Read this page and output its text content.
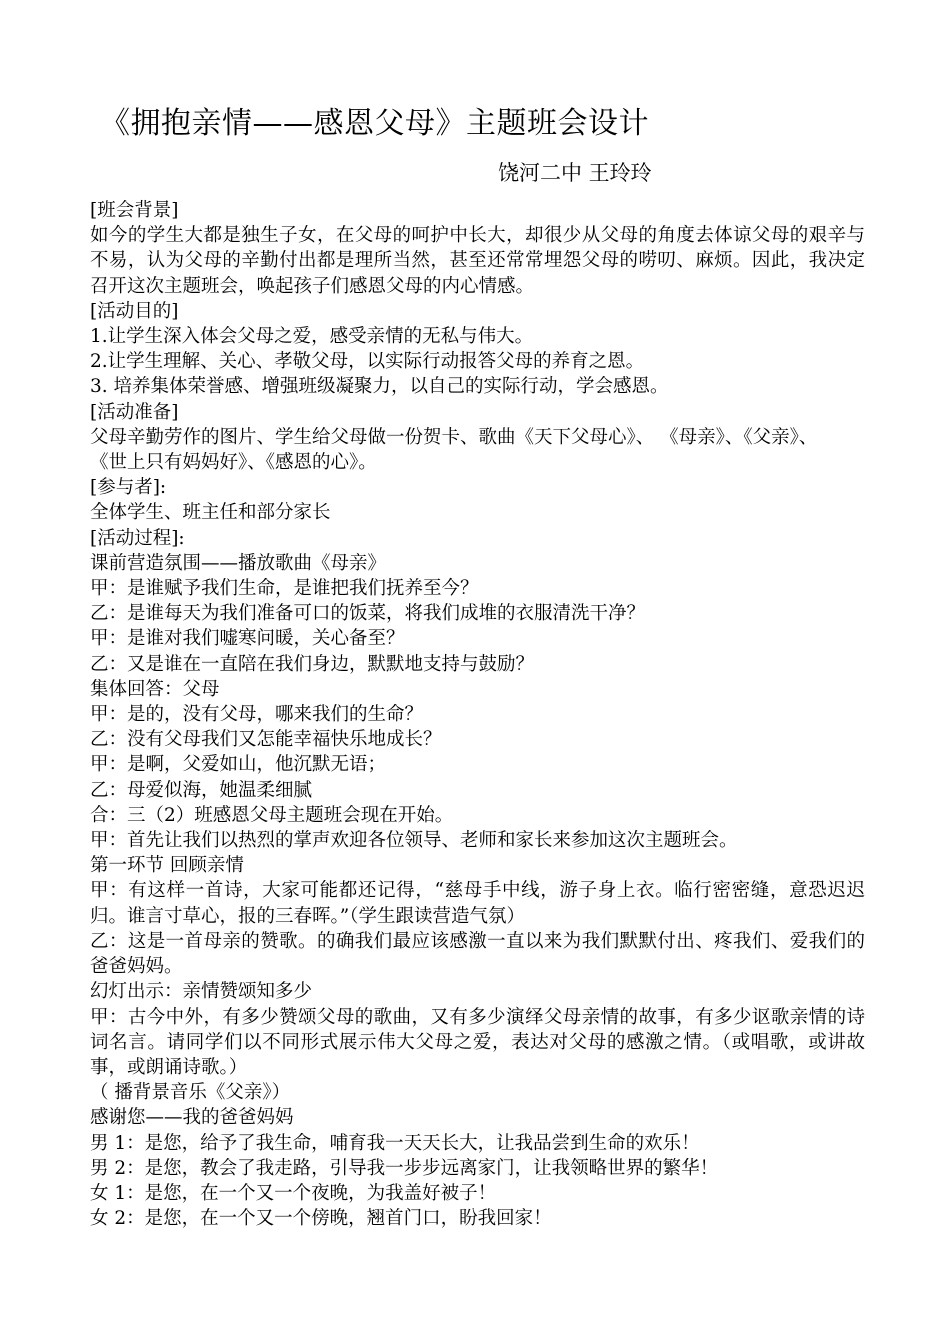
《拥抱亲情——感恩父母》主题班会设计
饶河二中 王玲玲

[班会背景]

如今的学生大都是独生子女，在父母的呵护中长大，却很少从父母的角度去体谅父母的艰辛与不易，认为父母的辛勤付出都是理所当然，甚至还常常埋怨父母的唠叨、麻烦。因此，我决定召开这次主题班会，唤起孩子们感恩父母的内心情感。

[活动目的]

1.让学生深入体会父母之爱，感受亲情的无私与伟大。

2.让学生理解、关心、孝敬父母，以实际行动报答父母的养育之恩。

3. 培养集体荣誉感、增强班级凝聚力，以自己的实际行动，学会感恩。

[活动准备]

父母辛勤劳作的图片、学生给父母做一份贺卡、歌曲《天下父母心》、 《母亲》、《父亲》、

《世上只有妈妈好》、《感恩的心》。

[参与者]:

全体学生、班主任和部分家长

[活动过程]:

课前营造氛围——播放歌曲《母亲》

甲：是谁赋予我们生命，是谁把我们抚养至今？

乙：是谁每天为我们准备可口的饭菜，将我们成堆的衣服清洗干净？

甲：是谁对我们嘘寒问暖，关心备至？

乙：又是谁在一直陪在我们身边，默默地支持与鼓励？

集体回答：父母

甲：是的，没有父母，哪来我们的生命？

乙：没有父母我们又怎能幸福快乐地成长？

甲：是啊，父爱如山，他沉默无语；

乙：母爱似海，她温柔细腻

合：三（2）班感恩父母主题班会现在开始。

甲：首先让我们以热烈的掌声欢迎各位领导、老师和家长来参加这次主题班会。

第一环节 回顾亲情

甲：有这样一首诗，大家可能都还记得，“慈母手中线，游子身上衣。临行密密缝，意恐迟迟归。谁言寸草心，报的三春晖。”（学生跟读营造气氛）

乙：这是一首母亲的赞歌。的确我们最应该感激一直以来为我们默默付出、疼我们、爱我们的爸爸妈妈。

幻灯出示：亲情赞颂知多少

甲：古今中外，有多少赞颂父母的歌曲，又有多少演绎父母亲情的故事，有多少讴歌亲情的诗词名言。请同学们以不同形式展示伟大父母之爱，表达对父母的感激之情。（或唱歌，或讲故事，或朗诵诗歌。）

（ 播背景音乐《父亲》）

感谢您——我的爸爸妈妈

男 1：是您，给予了我生命，哺育我一天天长大，让我品尝到生命的欢乐！

男 2：是您，教会了我走路，引导我一步步远离家门，让我领略世界的繁华！

女 1：是您，在一个又一个夜晚，为我盖好被子！

女 2：是您，在一个又一个傍晚，翘首门口，盼我回家！
